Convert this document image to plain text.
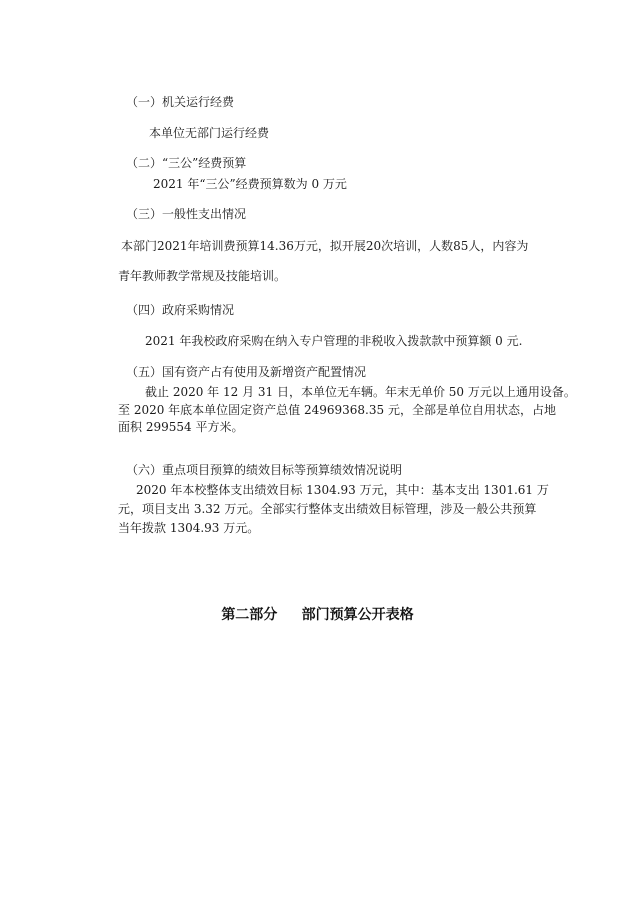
（一）机关运行经费
本单位无部门运行经费
（二）“三公”经费预算
2021 年“三公”经费预算数为 0 万元
（三）一般性支出情况
本部门2021年培训费预算14.36万元，拟开展20次培训，人数85人，内容为
青年教师教学常规及技能培训。
（四）政府采购情况
2021 年我校政府采购在纳入专户管理的非税收入拨款款中预算额 0 元.
（五）国有资产占有使用及新增资产配置情况
截止 2020 年 12 月 31 日，本单位无车辆。年末无单价 50 万元以上通用设备。
至 2020 年底本单位固定资产总值 24969368.35 元，全部是单位自用状态，占地
面积 299554 平方米。
（六）重点项目预算的绩效目标等预算绩效情况说明
2020 年本校整体支出绩效目标 1304.93 万元，其中：基本支出 1301.61 万
元，项目支出 3.32 万元。全部实行整体支出绩效目标管理，涉及一般公共预算
当年拨款 1304.93 万元。
第二部分     部门预算公开表格
